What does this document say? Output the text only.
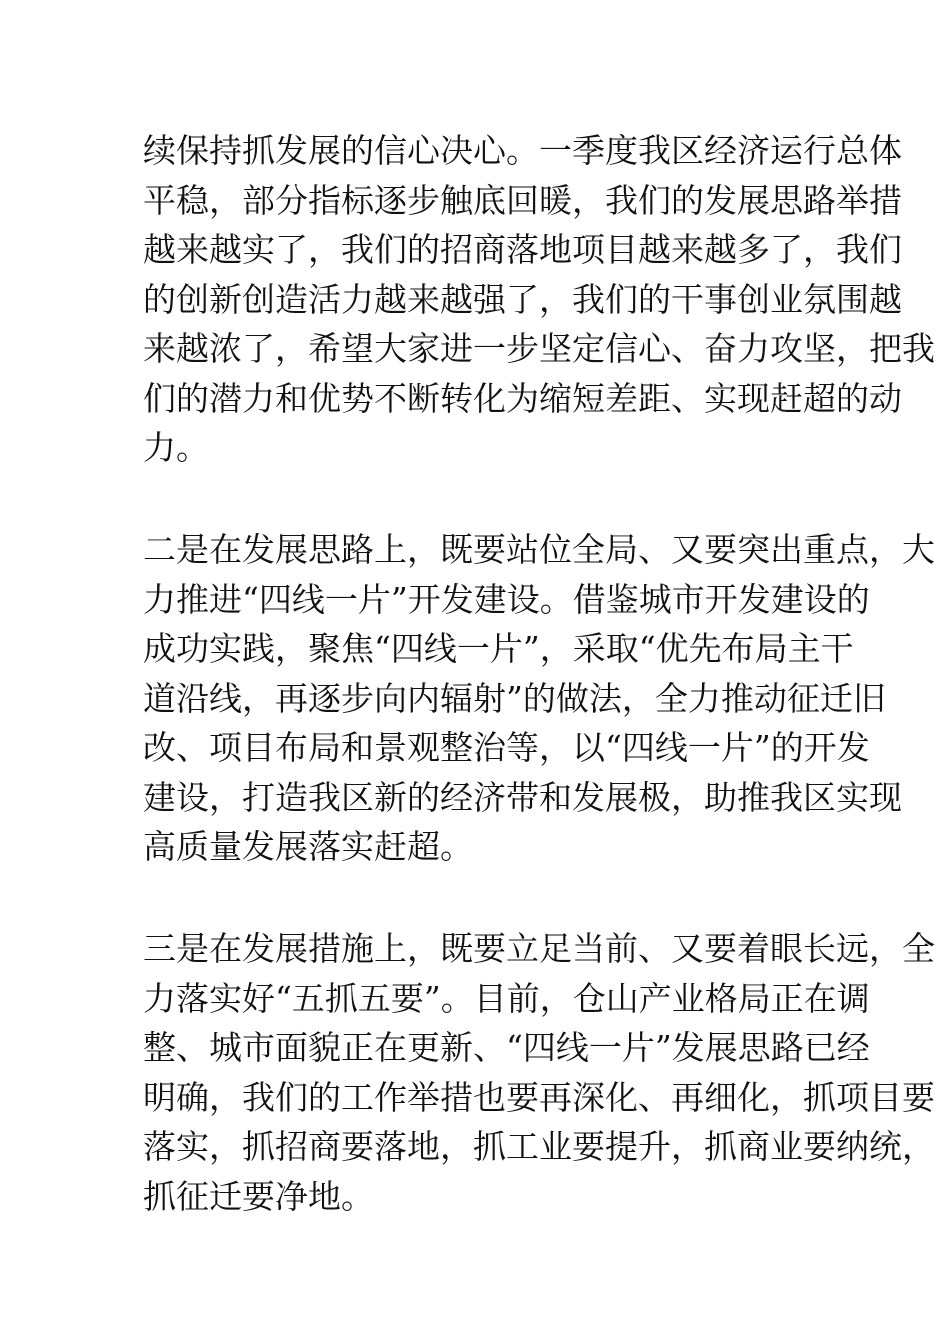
续保持抓发展的信心决心。一季度我区经济运行总体
平稳，部分指标逐步触底回暖，我们的发展思路举措
越来越实了，我们的招商落地项目越来越多了，我们
的创新创造活力越来越强了，我们的干事创业氛围越
来越浓了，希望大家进一步坚定信心、奋力攻坚，把我
们的潜力和优势不断转化为缩短差距、实现赶超的动
力。

二是在发展思路上，既要站位全局、又要突出重点，大
力推进“四线一片”开发建设。借鉴城市开发建设的
成功实践，聚焦“四线一片”，采取“优先布局主干
道沿线，再逐步向内辐射”的做法，全力推动征迁旧
改、项目布局和景观整治等，以“四线一片”的开发
建设，打造我区新的经济带和发展极，助推我区实现
高质量发展落实赶超。

三是在发展措施上，既要立足当前、又要着眼长远，全
力落实好“五抓五要”。目前，仓山产业格局正在调
整、城市面貌正在更新、“四线一片”发展思路已经
明确，我们的工作举措也要再深化、再细化，抓项目要
落实，抓招商要落地，抓工业要提升，抓商业要纳统，
抓征迁要净地。
